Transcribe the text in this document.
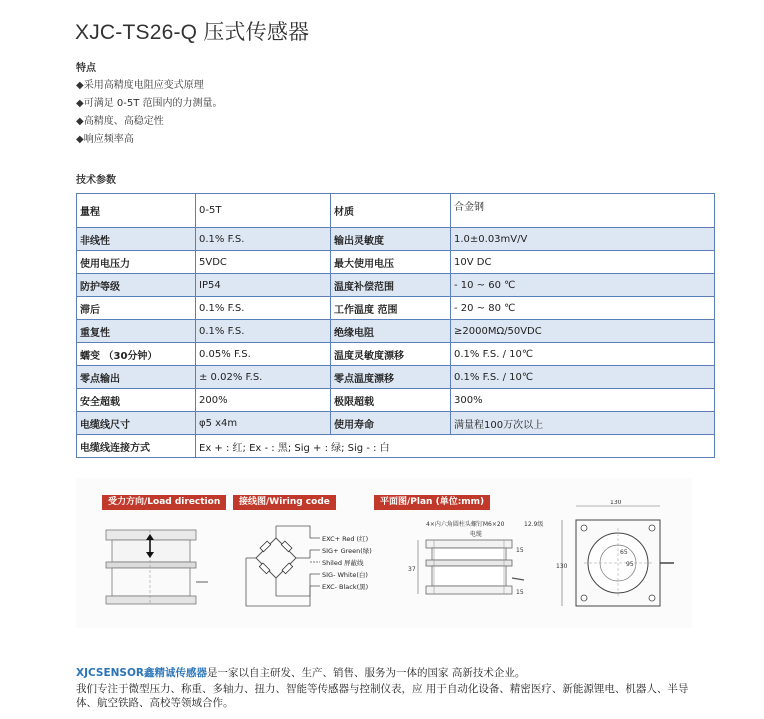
XJC-TS26-Q 压式传感器
特点
◆采用高精度电阻应变式原理
◆可满足 0-5T 范围内的力测量。
◆高精度、高稳定性
◆响应频率高
技术参数
量程	0-5T	材质	合金钢
非线性	0.1% F.S.	输出灵敏度	1.0±0.03mV/V
使用电压力	5VDC	最大使用电压	10V DC
防护等级	IP54	温度补偿范围	- 10 ~ 60 ℃
滞后	0.1% F.S.	工作温度 范围	- 20 ~ 80 ℃
重复性	0.1% F.S.	绝缘电阻	≥2000MΩ/50VDC
蠕变 （30分钟）	0.05% F.S.	温度灵敏度漂移	0.1% F.S. / 10℃
零点输出	± 0.02% F.S.	零点温度漂移	0.1% F.S. / 10℃
安全超载	200%	极限超载	300%
电缆线尺寸	φ5 x4m	使用寿命	满量程100万次以上
电缆线连接方式	Ex + : 红; Ex - : 黑; Sig + : 绿; Sig - : 白		
受力方向/Load direction	接线图/Wiring code	平面图/Plan (单位:mm)
EXC+ Red (红)
SIG+ Green(绿)
Shiled 屏蔽线
SIG- White(白)
EXC- Black(黑)
4×内六角圆柱头螺钉M6×20	12.9级
电缆
37
15
15
130
130
65
95
XJCSENSOR鑫精诚传感器是一家以自主研发、生产、销售、服务为一体的国家 高新技术企业。
我们专注于微型压力、称重、多轴力、扭力、智能等传感器与控制仪表，应 用于自动化设备、精密医疗、新能源锂电、机器人、半导
体、航空铁路、高校等领域合作。
